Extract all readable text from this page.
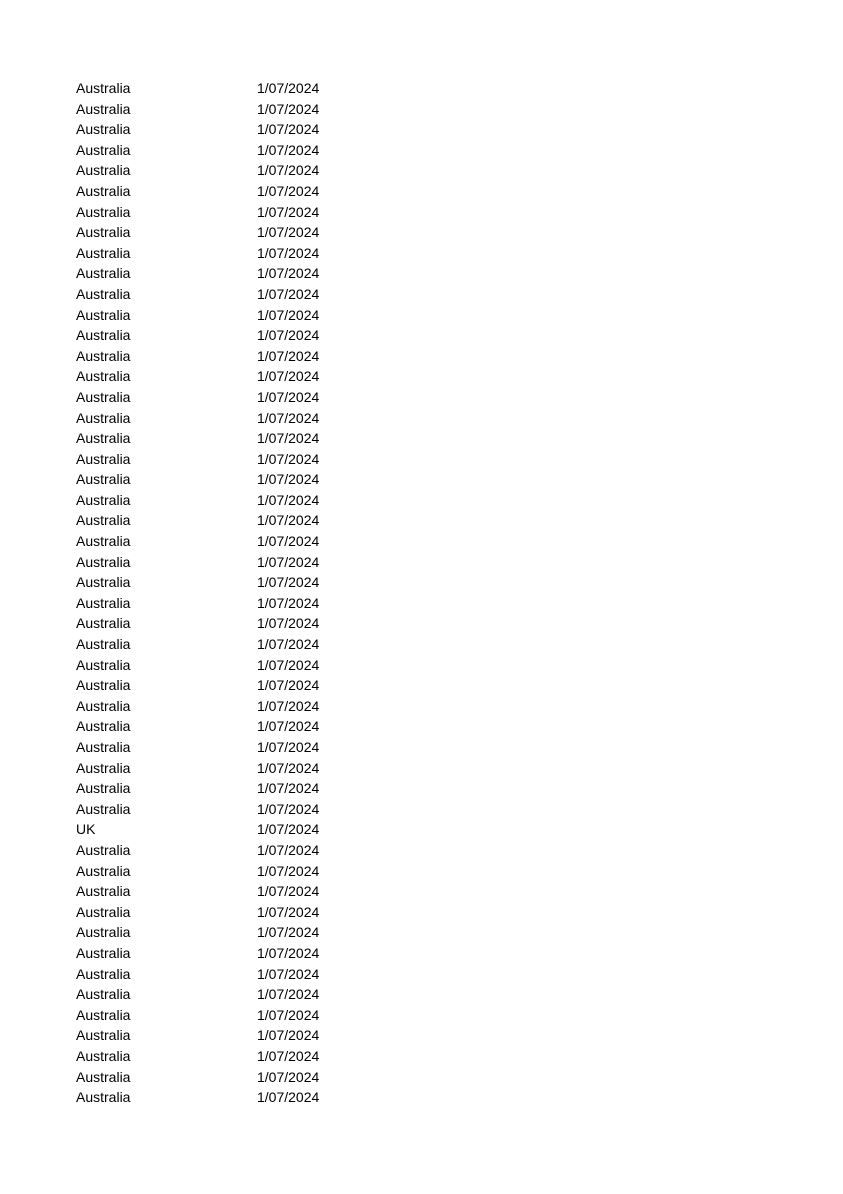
Australia	1/07/2024
Australia	1/07/2024
Australia	1/07/2024
Australia	1/07/2024
Australia	1/07/2024
Australia	1/07/2024
Australia	1/07/2024
Australia	1/07/2024
Australia	1/07/2024
Australia	1/07/2024
Australia	1/07/2024
Australia	1/07/2024
Australia	1/07/2024
Australia	1/07/2024
Australia	1/07/2024
Australia	1/07/2024
Australia	1/07/2024
Australia	1/07/2024
Australia	1/07/2024
Australia	1/07/2024
Australia	1/07/2024
Australia	1/07/2024
Australia	1/07/2024
Australia	1/07/2024
Australia	1/07/2024
Australia	1/07/2024
Australia	1/07/2024
Australia	1/07/2024
Australia	1/07/2024
Australia	1/07/2024
Australia	1/07/2024
Australia	1/07/2024
Australia	1/07/2024
Australia	1/07/2024
Australia	1/07/2024
Australia	1/07/2024
UK	1/07/2024
Australia	1/07/2024
Australia	1/07/2024
Australia	1/07/2024
Australia	1/07/2024
Australia	1/07/2024
Australia	1/07/2024
Australia	1/07/2024
Australia	1/07/2024
Australia	1/07/2024
Australia	1/07/2024
Australia	1/07/2024
Australia	1/07/2024
Australia	1/07/2024
